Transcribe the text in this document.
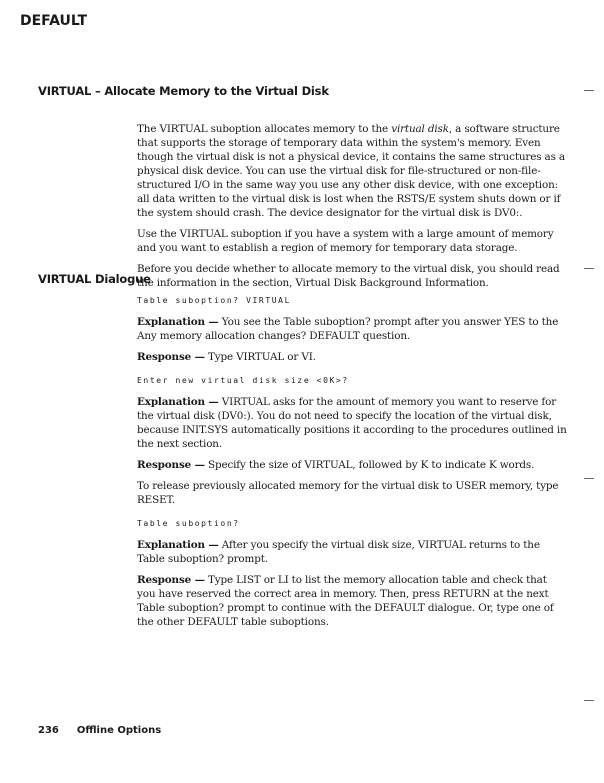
DEFAULT
VIRTUAL – Allocate Memory to the Virtual Disk

The VIRTUAL suboption allocates memory to the virtual disk, a software structure that supports the storage of temporary data within the system's memory. Even though the virtual disk is not a physical device, it contains the same structures as a physical disk device. You can use the virtual disk for file-structured or non-file-structured I/O in the same way you use any other disk device, with one exception: all data written to the virtual disk is lost when the RSTS/E system shuts down or if the system should crash. The device designator for the virtual disk is DV0:.

Use the VIRTUAL suboption if you have a system with a large amount of memory and you want to establish a region of memory for temporary data storage.

Before you decide whether to allocate memory to the virtual disk, you should read the information in the section, Virtual Disk Background Information.

VIRTUAL Dialogue
Table suboption? VIRTUAL

Explanation — You see the Table suboption? prompt after you answer YES to the Any memory allocation changes? DEFAULT question.

Response — Type VIRTUAL or VI.

Enter new virtual disk size <0K>?

Explanation — VIRTUAL asks for the amount of memory you want to reserve for the virtual disk (DV0:). You do not need to specify the location of the virtual disk, because INIT.SYS automatically positions it according to the procedures outlined in the next section.

Response — Specify the size of VIRTUAL, followed by K to indicate K words.

To release previously allocated memory for the virtual disk to USER memory, type RESET.

Table suboption?

Explanation — After you specify the virtual disk size, VIRTUAL returns to the Table suboption? prompt.

Response — Type LIST or LI to list the memory allocation table and check that you have reserved the correct area in memory. Then, press RETURN at the next Table suboption? prompt to continue with the DEFAULT dialogue. Or, type one of the other DEFAULT table suboptions.

236 Offline Options
